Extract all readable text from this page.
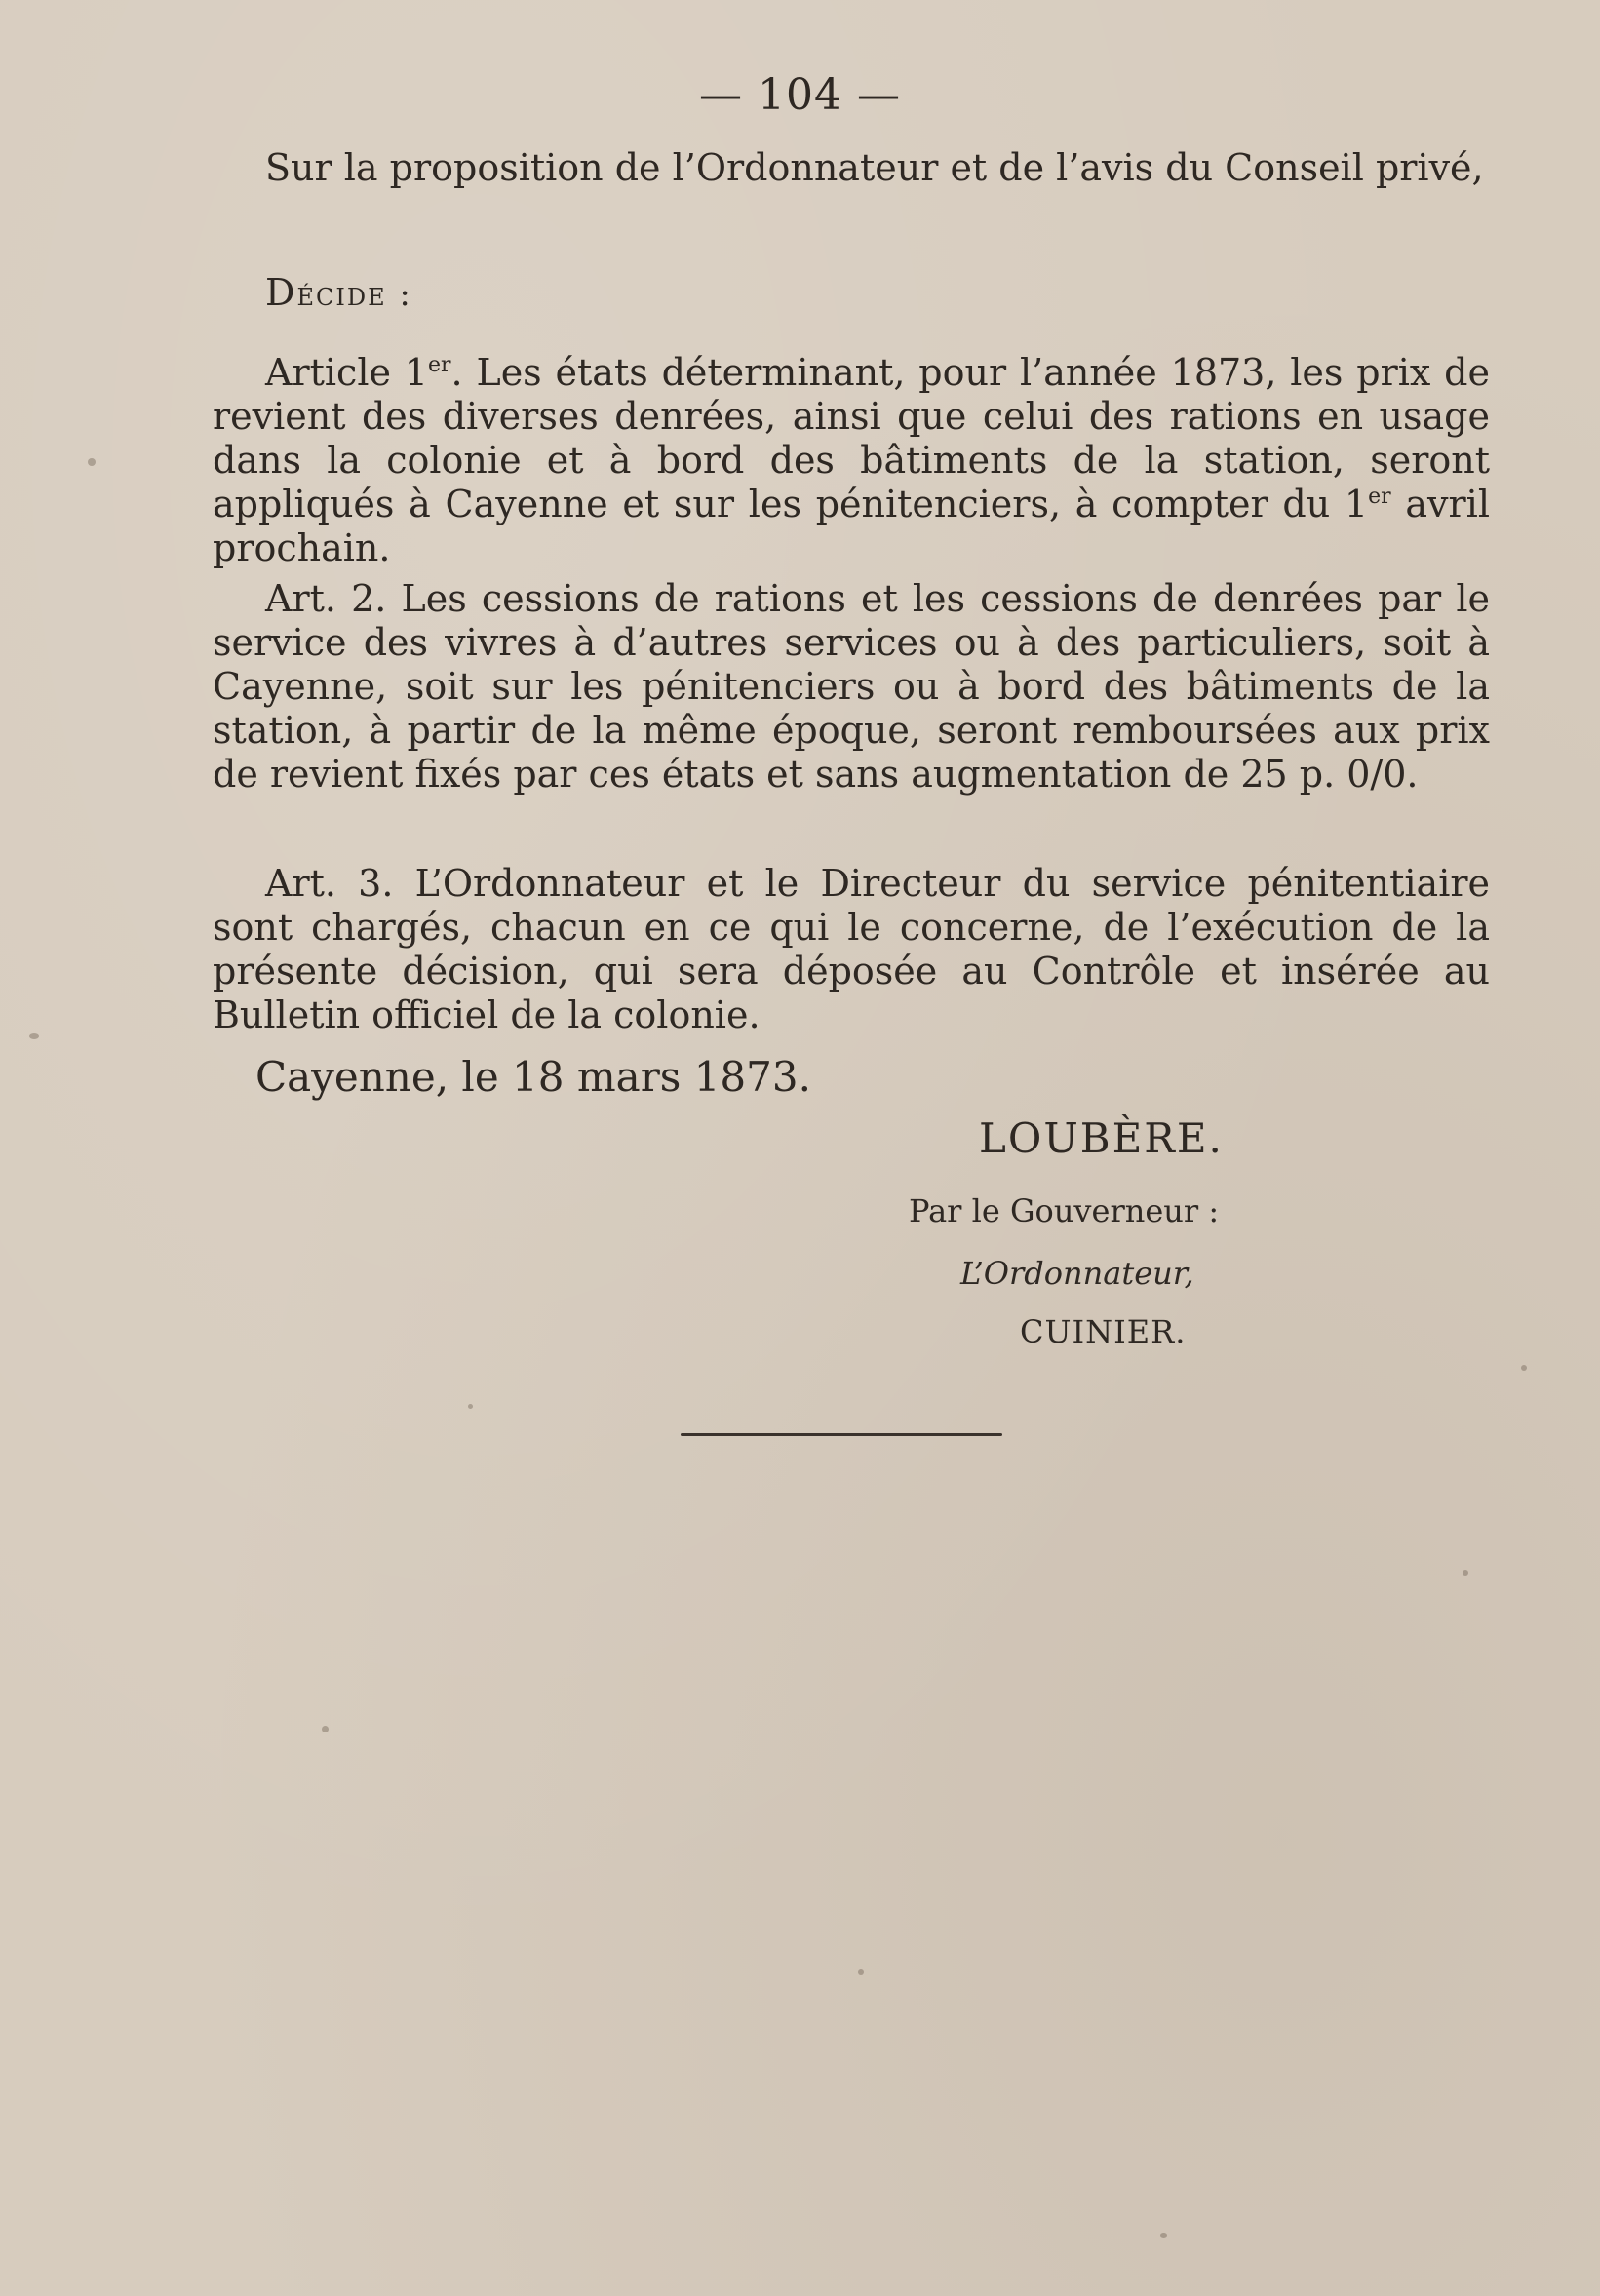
— 104 —

Sur la proposition de l’Ordonnateur et de l’avis du Conseil privé,

Décide :

Article 1er. Les états déterminant, pour l’année 1873, les prix de revient des diverses denrées, ainsi que celui des rations en usage dans la colonie et à bord des bâtiments de la station, seront appliqués à Cayenne et sur les pénitenciers, à compter du 1er avril prochain.

Art. 2. Les cessions de rations et les cessions de denrées par le service des vivres à d’autres services ou à des particuliers, soit à Cayenne, soit sur les pénitenciers ou à bord des bâtiments de la station, à partir de la même époque, seront remboursées aux prix de revient fixés par ces états et sans augmentation de 25 p. 0/0.

Art. 3. L’Ordonnateur et le Directeur du service pénitentiaire sont chargés, chacun en ce qui le concerne, de l’exécution de la présente décision, qui sera déposée au Contrôle et insérée au Bulletin officiel de la colonie.

Cayenne, le 18 mars 1873.
LOUBÈRE.
Par le Gouverneur :
L’Ordonnateur,
CUINIER.
